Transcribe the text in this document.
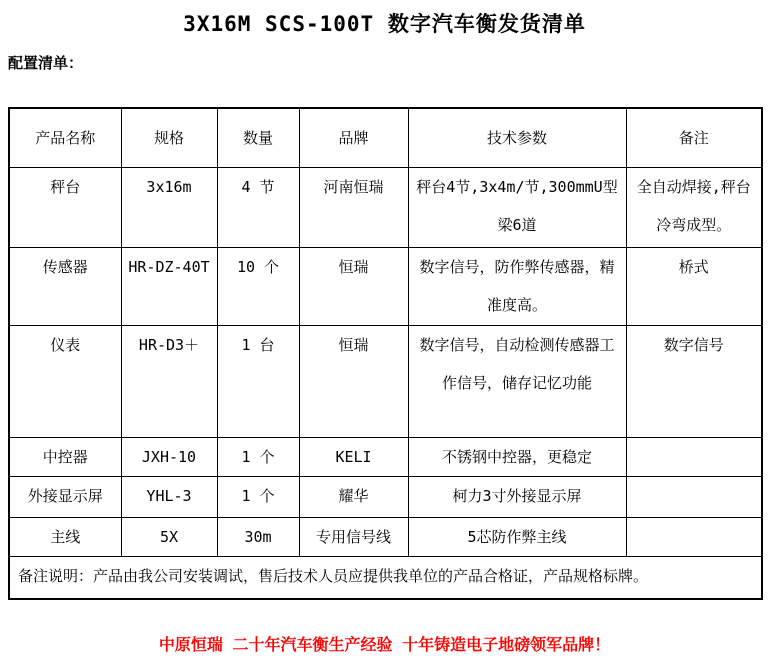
3X16M SCS-100T 数字汽车衡发货清单
配置清单：
产品名称	规格	数量	品牌	技术参数	备注
秤台	3x16m	4 节	河南恒瑞	秤台4节,3x4m/节,300mmU型梁6道	全自动焊接,秤台冷弯成型。
传感器	HR-DZ-40T	10 个	恒瑞	数字信号，防作弊传感器，精准度高。	桥式
仪表	HR-D3＋	1 台	恒瑞	数字信号，自动检测传感器工作信号，储存记忆功能	数字信号
中控器	JXH-10	1 个	KELI	不锈钢中控器，更稳定	
外接显示屏	YHL-3	1 个	耀华	柯力3寸外接显示屏	
主线	5X	30m	专用信号线	5芯防作弊主线	
备注说明：产品由我公司安装调试，售后技术人员应提供我单位的产品合格证，产品规格标牌。					
中原恒瑞 二十年汽车衡生产经验 十年铸造电子地磅领军品牌！
